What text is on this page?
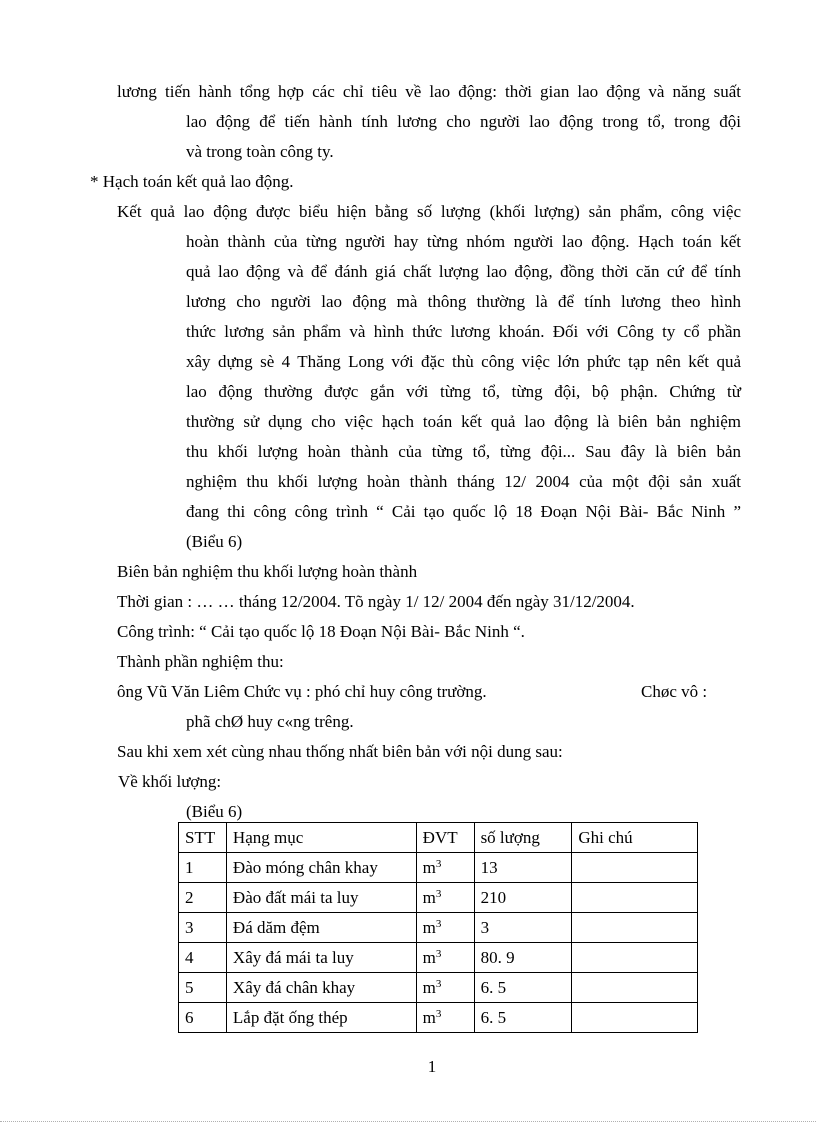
lương tiến hành tổng hợp các chỉ tiêu về lao động: thời gian lao động và năng suất
lao động để tiến hành tính lương cho người lao động trong tổ, trong đội
và trong toàn công ty.
* Hạch toán kết quả lao động.
Kết quả lao động được biểu hiện bằng số lượng (khối lượng) sản phẩm, công việc
hoàn thành của từng người hay từng nhóm người lao động. Hạch toán kết
quả lao động và để đánh giá chất lượng lao động, đồng thời căn cứ để tính
lương cho người lao động mà thông thường là để tính lương theo hình
thức lương sản phẩm và hình thức lương khoán. Đối với Công ty cổ phần
xây dựng sè 4 Thăng Long với đặc thù công việc lớn phức tạp nên kết quả
lao động thường được gắn với từng tổ, từng đội, bộ phận. Chứng từ
thường sử dụng cho việc hạch toán kết quả lao động là biên bản nghiệm
thu khối lượng hoàn thành của từng tổ, từng đội... Sau đây là biên bản
nghiệm thu khối lượng hoàn thành tháng 12/ 2004 của một đội sản xuất
đang thi công công trình “ Cải tạo quốc lộ 18 Đoạn Nội Bài- Bắc Ninh ”
(Biểu 6)
Biên bản nghiệm thu khối lượng hoàn thành
Thời gian : … … tháng 12/2004. Tõ ngày 1/ 12/ 2004 đến ngày 31/12/2004.
Công trình: “ Cải tạo quốc lộ 18 Đoạn Nội Bài- Bắc Ninh “.
Thành phần nghiệm thu:
ông Vũ Văn Liêm Chức vụ : phó chỉ huy công trường.	Chøc vô :
phã chØ huy c«ng trêng.
Sau khi xem xét cùng nhau thống nhất biên bản với nội dung sau:
Về khối lượng:
(Biểu 6)
STT	Hạng mục	ĐVT	số lượng	Ghi chú
1	Đào móng chân khay	$m^3$	13	
2	Đào đất mái ta luy	$m^3$	210	
3	Đá dăm đệm	$m^3$	3	
4	Xây đá mái ta luy	$m^3$	80. 9	
5	Xây đá chân khay	$m^3$	6. 5	
6	Lắp đặt ống thép	$m^3$	6. 5	
1
